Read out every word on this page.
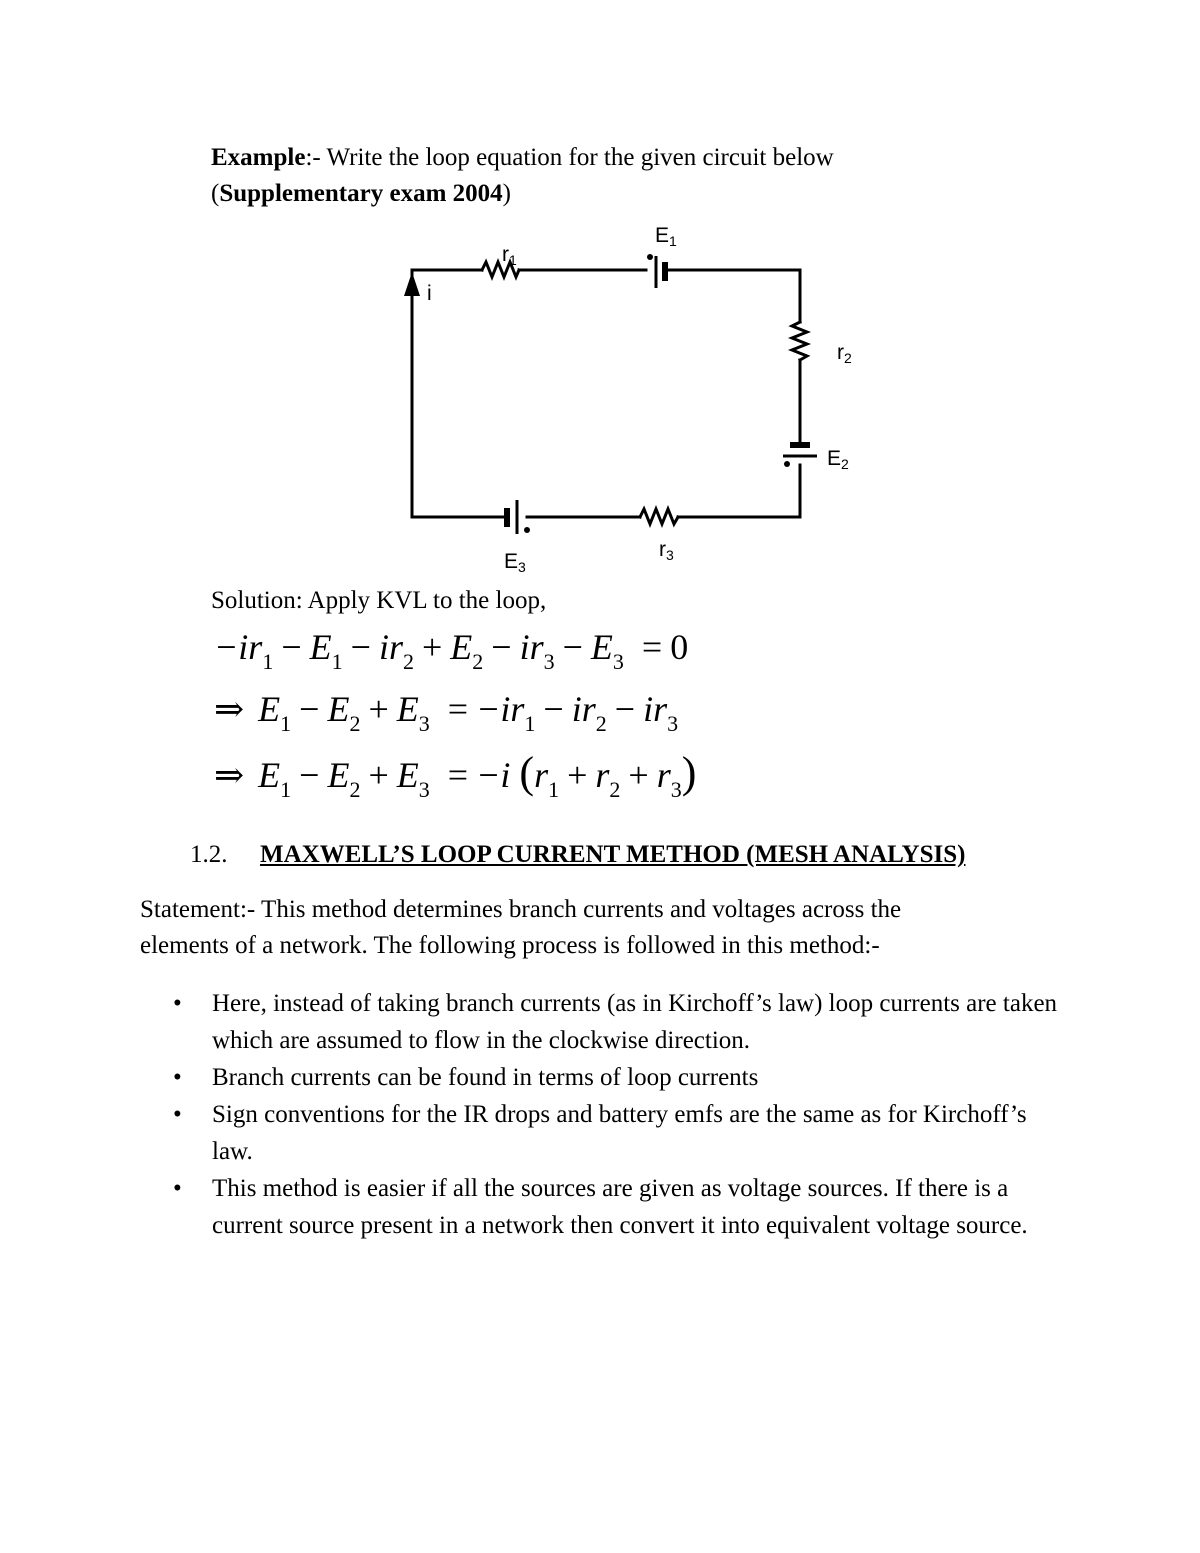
Example:- Write the loop equation for the given circuit below
(Supplementary exam 2004)
$r_1$
$E_1$
i
$r_2$
$E_2$
$E_3$
$r_3$
Solution: Apply KVL to the loop,
$-ir_1 - E_1 - ir_2 + E_2 - ir_3 - E_3 = 0$
⇒ $E_1 - E_2 + E_3 = -ir_1 - ir_2 - ir_3$
⇒ $E_1 - E_2 + E_3 = -i$ $(r_1 + r_2 + r_3)$
1.2. MAXWELL’S LOOP CURRENT METHOD (MESH ANALYSIS)
Statement:- This method determines branch currents and voltages across the
elements of a network. The following process is followed in this method:-
• Here, instead of taking branch currents (as in Kirchoff’s law) loop currents are taken which are assumed to flow in the clockwise direction.
• Branch currents can be found in terms of loop currents
• Sign conventions for the IR drops and battery emfs are the same as for Kirchoff’s law.
• This method is easier if all the sources are given as voltage sources. If there is a current source present in a network then convert it into equivalent voltage source.
